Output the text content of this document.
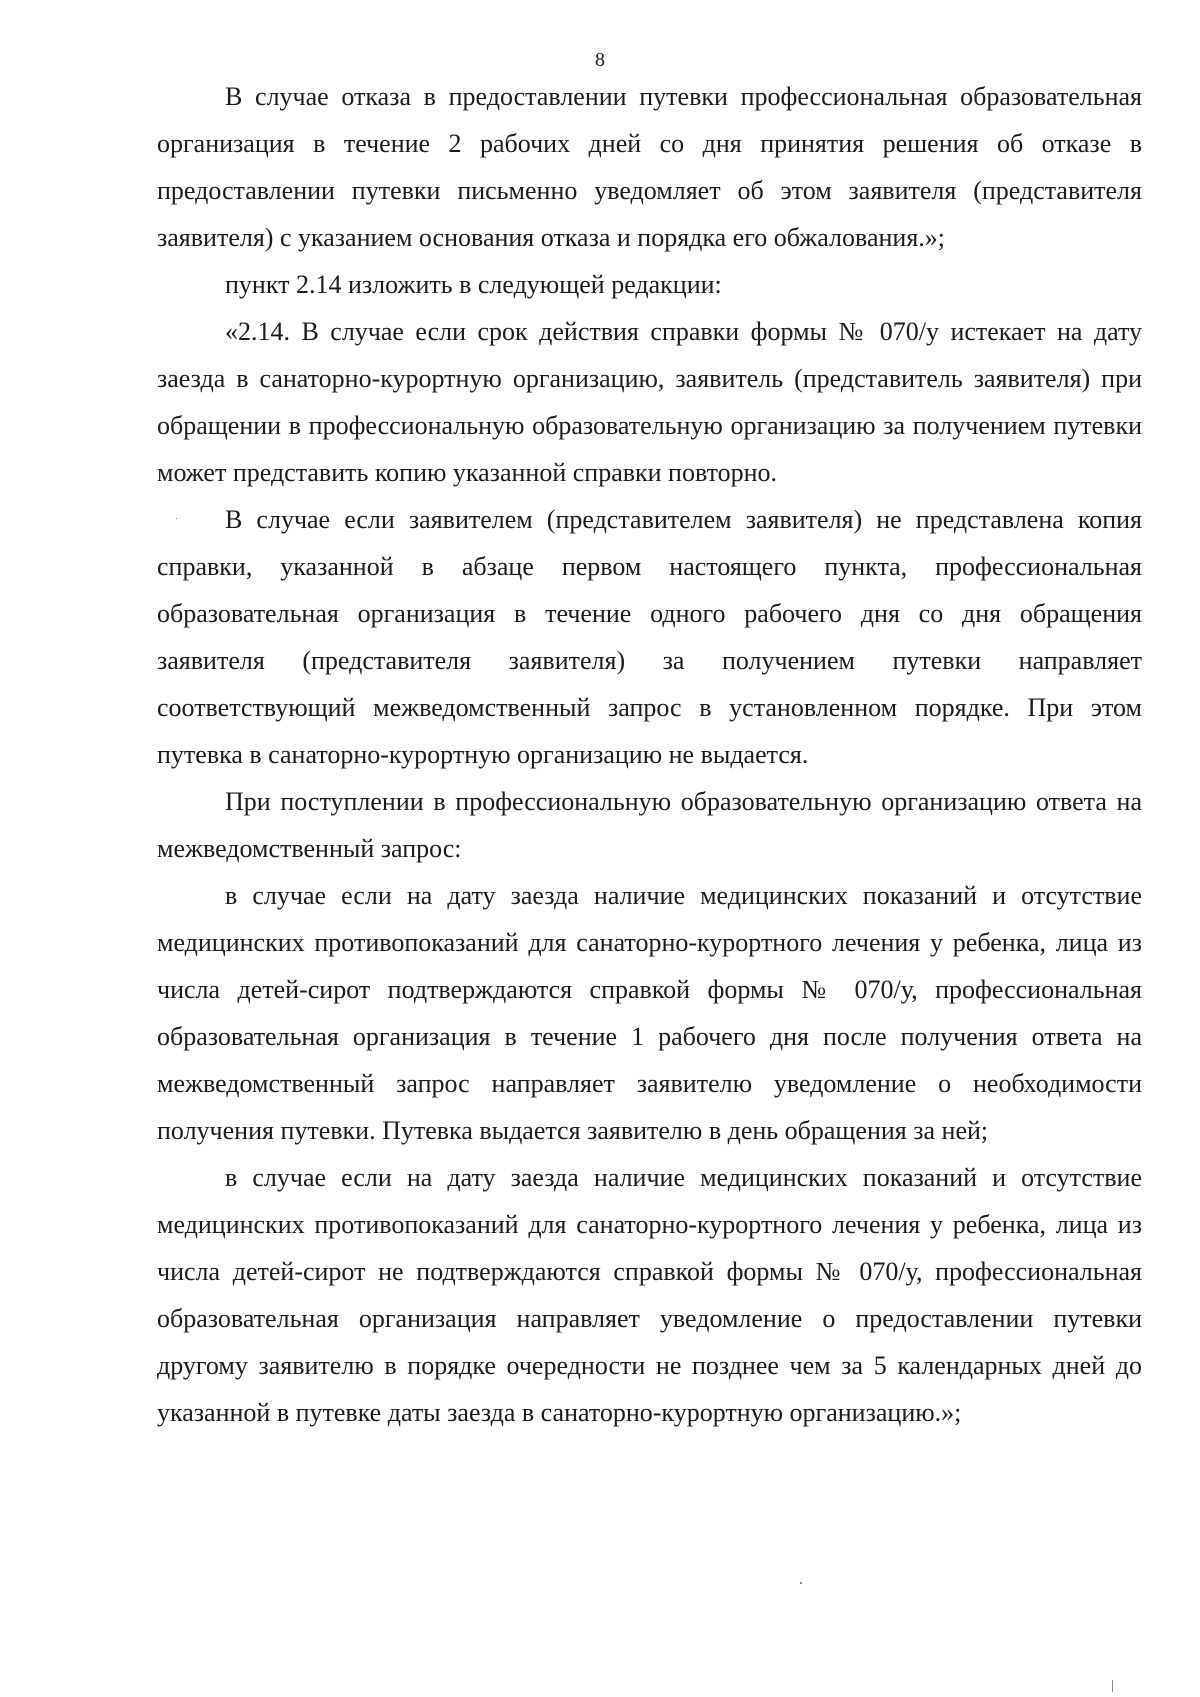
8

В случае отказа в предоставлении путевки профессиональная образовательная организация в течение 2 рабочих дней со дня принятия решения об отказе в предоставлении путевки письменно уведомляет об этом заявителя (представителя заявителя) с указанием основания отказа и порядка его обжалования.»;

пункт 2.14 изложить в следующей редакции:

«2.14. В случае если срок действия справки формы № 070/у истекает на дату заезда в санаторно-курортную организацию, заявитель (представитель заявителя) при обращении в профессиональную образовательную организацию за получением путевки может представить копию указанной справки повторно.

В случае если заявителем (представителем заявителя) не представлена копия справки, указанной в абзаце первом настоящего пункта, профессиональная образовательная организация в течение одного рабочего дня со дня обращения заявителя (представителя заявителя) за получением путевки направляет соответствующий межведомственный запрос в установленном порядке. При этом путевка в санаторно-курортную организацию не выдается.

При поступлении в профессиональную образовательную организацию ответа на межведомственный запрос:

в случае если на дату заезда наличие медицинских показаний и отсутствие медицинских противопоказаний для санаторно-курортного лечения у ребенка, лица из числа детей-сирот подтверждаются справкой формы № 070/у, профессиональная образовательная организация в течение 1 рабочего дня после получения ответа на межведомственный запрос направляет заявителю уведомление о необходимости получения путевки. Путевка выдается заявителю в день обращения за ней;

в случае если на дату заезда наличие медицинских показаний и отсутствие медицинских противопоказаний для санаторно-курортного лечения у ребенка, лица из числа детей-сирот не подтверждаются справкой формы № 070/у, профессиональная образовательная организация направляет уведомление о предоставлении путевки другому заявителю в порядке очередности не позднее чем за 5 календарных дней до указанной в путевке даты заезда в санаторно-курортную организацию.»;
